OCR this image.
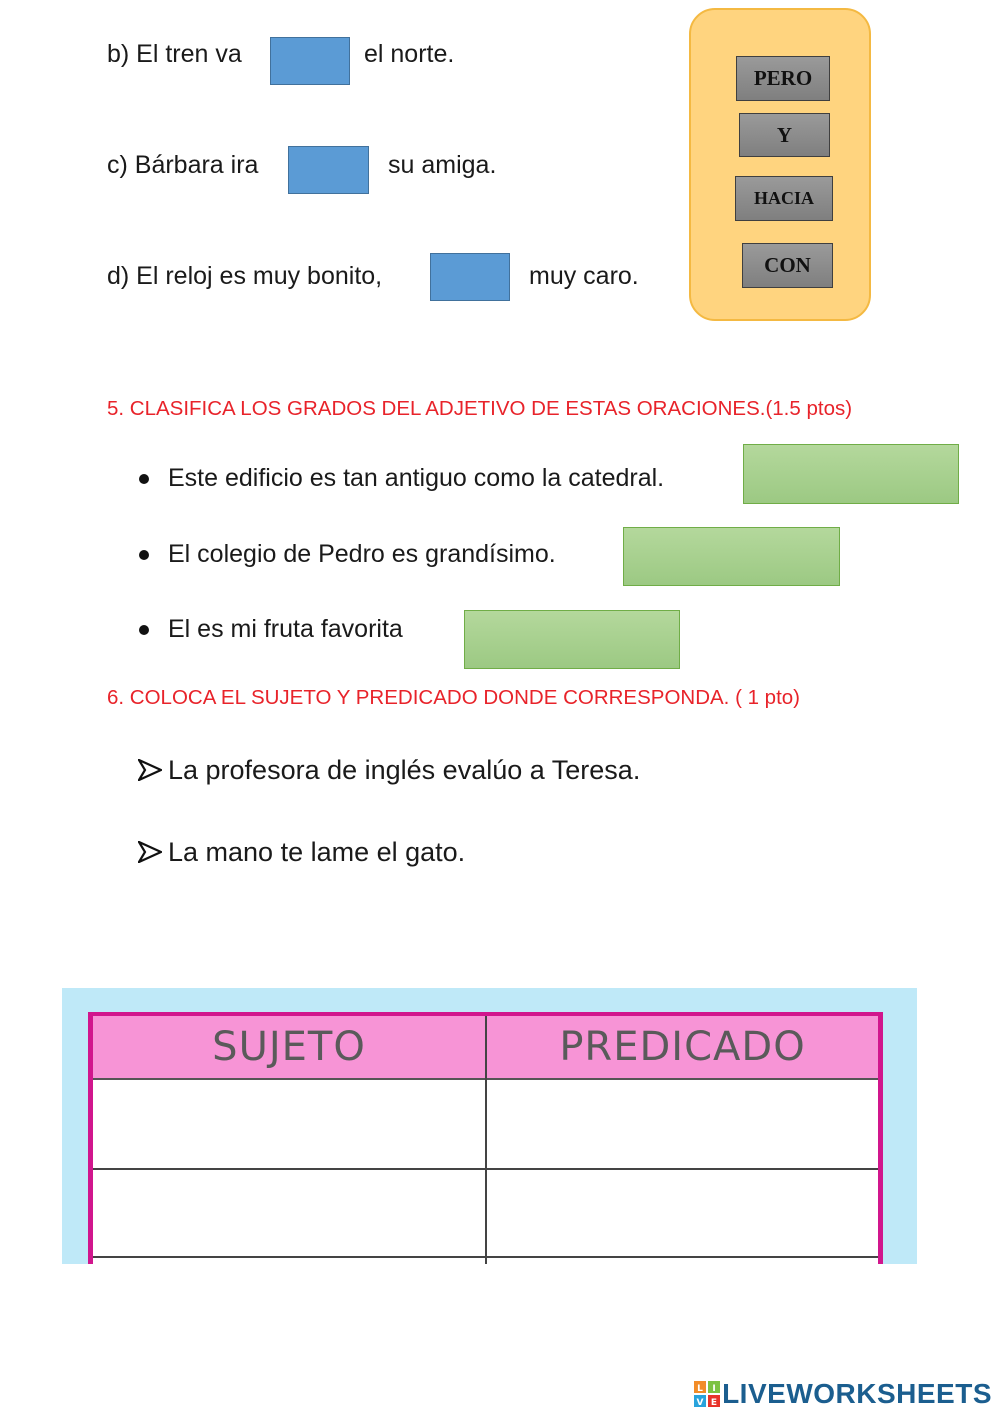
b) El tren va	el norte.
c) Bárbara ira	su amiga.
d) El reloj es muy bonito,	muy caro.
PERO
Y
HACIA
CON
5. CLASIFICA LOS GRADOS DEL ADJETIVO DE ESTAS ORACIONES.(1.5 ptos)
Este edificio es tan antiguo como la catedral.
El colegio de Pedro es grandísimo.
El es mi fruta favorita
6. COLOCA EL SUJETO Y PREDICADO DONDE CORRESPONDA. ( 1 pto)
La profesora de inglés evalúo a Teresa.
La mano te lame el gato.
SUJETO	PREDICADO
L I
V E LIVEWORKSHEETS
